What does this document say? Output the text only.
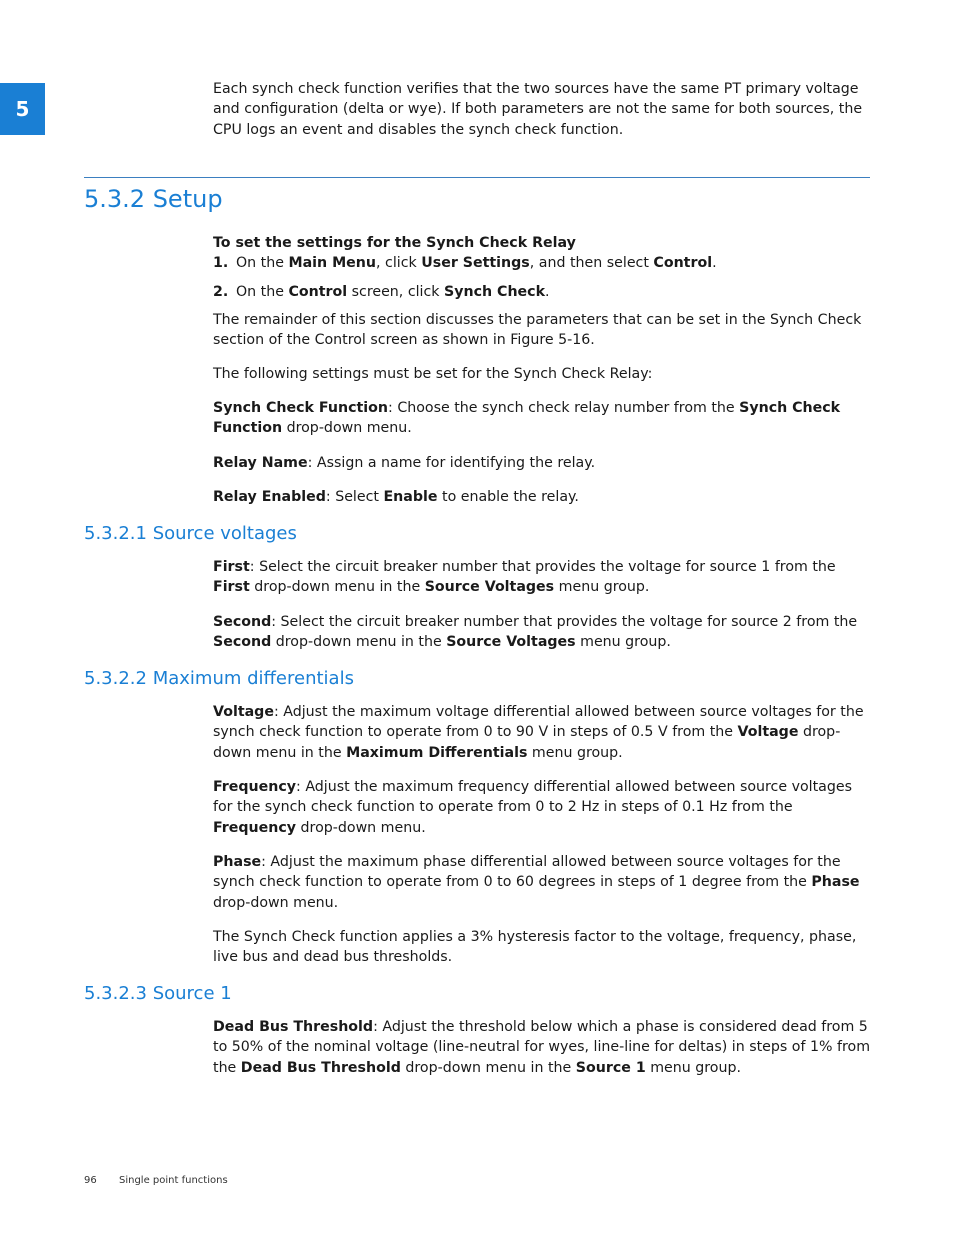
5

Each synch check function verifies that the two sources have the same PT primary voltage and configuration (delta or wye). If both parameters are not the same for both sources, the CPU logs an event and disables the synch check function.

5.3.2 Setup

To set the settings for the Synch Check Relay

1. On the Main Menu, click User Settings, and then select Control.
2. On the Control screen, click Synch Check.

The remainder of this section discusses the parameters that can be set in the Synch Check section of the Control screen as shown in Figure 5-16.

The following settings must be set for the Synch Check Relay:

Synch Check Function: Choose the synch check relay number from the Synch Check Function drop-down menu.

Relay Name: Assign a name for identifying the relay.

Relay Enabled: Select Enable to enable the relay.

5.3.2.1 Source voltages

First: Select the circuit breaker number that provides the voltage for source 1 from the First drop-down menu in the Source Voltages menu group.

Second: Select the circuit breaker number that provides the voltage for source 2 from the Second drop-down menu in the Source Voltages menu group.

5.3.2.2 Maximum differentials

Voltage: Adjust the maximum voltage differential allowed between source voltages for the synch check function to operate from 0 to 90 V in steps of 0.5 V from the Voltage drop-down menu in the Maximum Differentials menu group.

Frequency: Adjust the maximum frequency differential allowed between source voltages for the synch check function to operate from 0 to 2 Hz in steps of 0.1 Hz from the Frequency drop-down menu.

Phase: Adjust the maximum phase differential allowed between source voltages for the synch check function to operate from 0 to 60 degrees in steps of 1 degree from the Phase drop-down menu.

The Synch Check function applies a 3% hysteresis factor to the voltage, frequency, phase, live bus and dead bus thresholds.

5.3.2.3 Source 1

Dead Bus Threshold: Adjust the threshold below which a phase is considered dead from 5 to 50% of the nominal voltage (line-neutral for wyes, line-line for deltas) in steps of 1% from the Dead Bus Threshold drop-down menu in the Source 1 menu group.

96 Single point functions
